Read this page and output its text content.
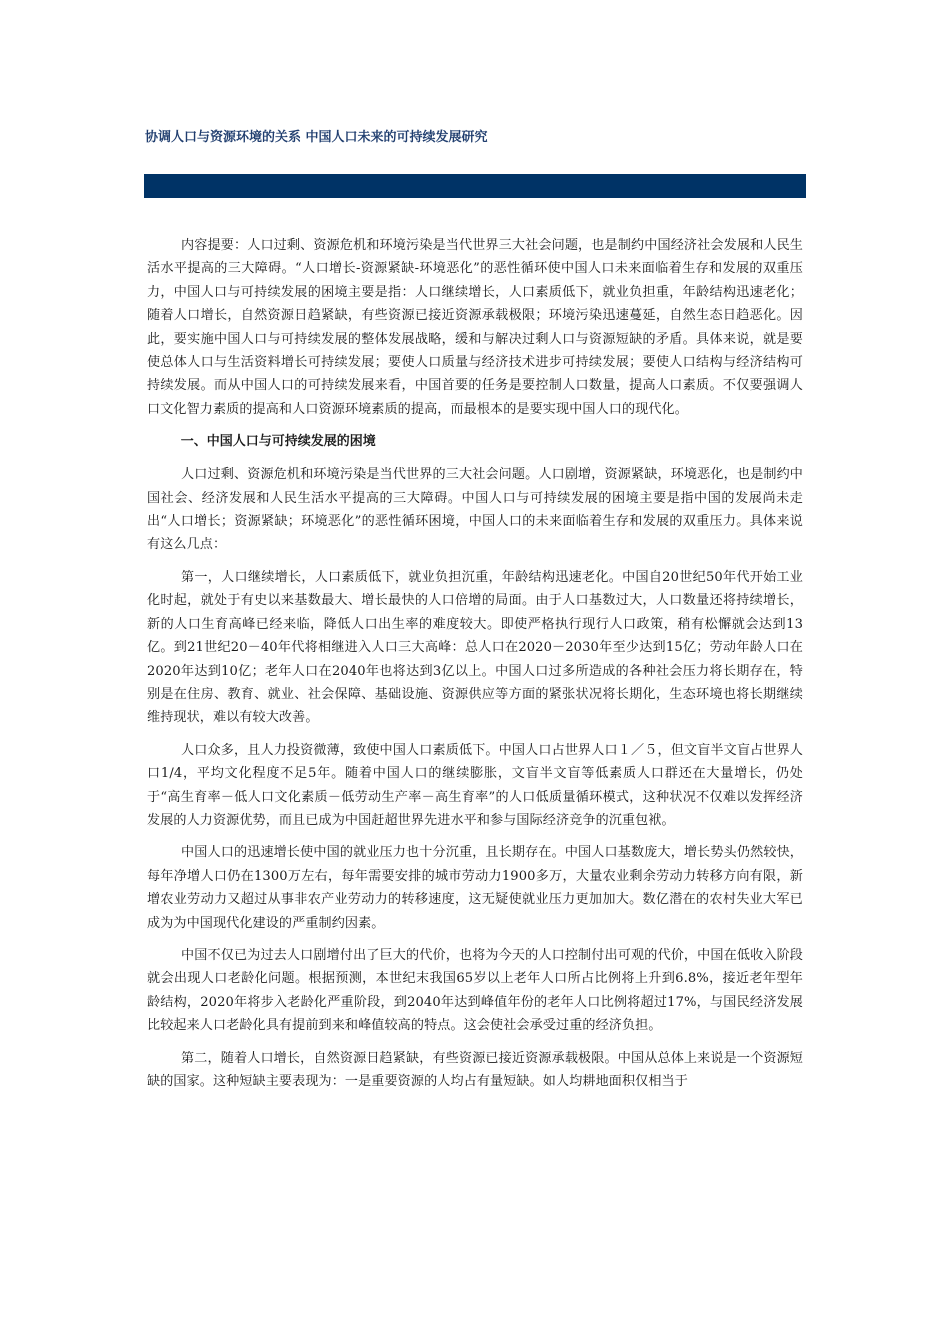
协调人口与资源环境的关系 中国人口未来的可持续发展研究

内容提要：人口过剩、资源危机和环境污染是当代世界三大社会问题，也是制约中国经济社会发展和人民生活水平提高的三大障碍。“人口增长-资源紧缺-环境恶化”的恶性循环使中国人口未来面临着生存和发展的双重压力，中国人口与可持续发展的困境主要是指：人口继续增长，人口素质低下，就业负担重，年龄结构迅速老化；随着人口增长，自然资源日趋紧缺，有些资源已接近资源承载极限；环境污染迅速蔓延，自然生态日趋恶化。因此，要实施中国人口与可持续发展的整体发展战略，缓和与解决过剩人口与资源短缺的矛盾。具体来说，就是要使总体人口与生活资料增长可持续发展；要使人口质量与经济技术进步可持续发展；要使人口结构与经济结构可持续发展。而从中国人口的可持续发展来看，中国首要的任务是要控制人口数量，提高人口素质。不仅要强调人口文化智力素质的提高和人口资源环境素质的提高，而最根本的是要实现中国人口的现代化。

一、中国人口与可持续发展的困境

人口过剩、资源危机和环境污染是当代世界的三大社会问题。人口剧增，资源紧缺，环境恶化，也是制约中国社会、经济发展和人民生活水平提高的三大障碍。中国人口与可持续发展的困境主要是指中国的发展尚未走出“人口增长；资源紧缺；环境恶化”的恶性循环困境，中国人口的未来面临着生存和发展的双重压力。具体来说有这么几点：

第一，人口继续增长，人口素质低下，就业负担沉重，年龄结构迅速老化。中国自20世纪50年代开始工业化时起，就处于有史以来基数最大、增长最快的人口倍增的局面。由于人口基数过大，人口数量还将持续增长，新的人口生育高峰已经来临，降低人口出生率的难度较大。即使严格执行现行人口政策，稍有松懈就会达到13亿。到21世纪20－40年代将相继进入人口三大高峰：总人口在2020－2030年至少达到15亿；劳动年龄人口在2020年达到10亿；老年人口在2040年也将达到3亿以上。中国人口过多所造成的各种社会压力将长期存在，特别是在住房、教育、就业、社会保障、基础设施、资源供应等方面的紧张状况将长期化，生态环境也将长期继续维持现状，难以有较大改善。

人口众多，且人力投资微薄，致使中国人口素质低下。中国人口占世界人口１／５，但文盲半文盲占世界人口1/4，平均文化程度不足5年。随着中国人口的继续膨胀，文盲半文盲等低素质人口群还在大量增长，仍处于“高生育率－低人口文化素质－低劳动生产率－高生育率”的人口低质量循环模式，这种状况不仅难以发挥经济发展的人力资源优势，而且已成为中国赶超世界先进水平和参与国际经济竞争的沉重包袱。

中国人口的迅速增长使中国的就业压力也十分沉重，且长期存在。中国人口基数庞大，增长势头仍然较快，每年净增人口仍在1300万左右，每年需要安排的城市劳动力1900多万，大量农业剩余劳动力转移方向有限，新增农业劳动力又超过从事非农产业劳动力的转移速度，这无疑使就业压力更加加大。数亿潜在的农村失业大军已成为为中国现代化建设的严重制约因素。

中国不仅已为过去人口剧增付出了巨大的代价，也将为今天的人口控制付出可观的代价，中国在低收入阶段就会出现人口老龄化问题。根据预测，本世纪末我国65岁以上老年人口所占比例将上升到6.8%，接近老年型年龄结构，2020年将步入老龄化严重阶段，到2040年达到峰值年份的老年人口比例将超过17%，与国民经济发展比较起来人口老龄化具有提前到来和峰值较高的特点。这会使社会承受过重的经济负担。

第二，随着人口增长，自然资源日趋紧缺，有些资源已接近资源承载极限。中国从总体上来说是一个资源短缺的国家。这种短缺主要表现为：一是重要资源的人均占有量短缺。如人均耕地面积仅相当于
